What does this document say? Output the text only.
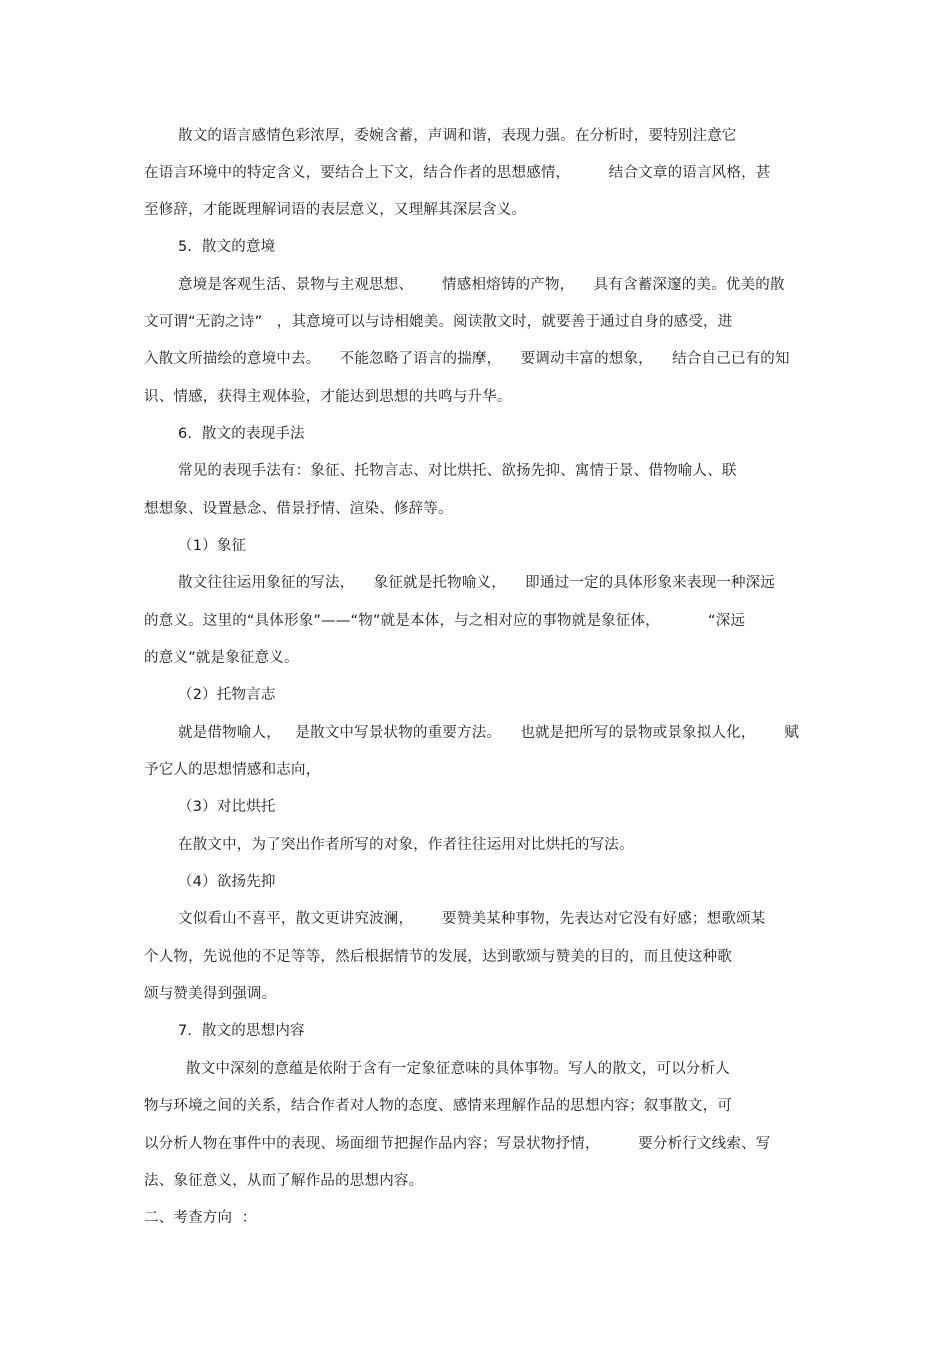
散文的语言感情色彩浓厚，委婉含蓄，声调和谐，表现力强。在分析时，要特别注意它
在语言环境中的特定含义，要结合上下文，结合作者的思想感情，        结合文章的语言风格，甚
至修辞，才能既理解词语的表层意义，又理解其深层含义。
5.  散文的意境
意境是客观生活、景物与主观思想、      情感相熔铸的产物，    具有含蓄深邃的美。优美的散
文可谓“无韵之诗”   ，其意境可以与诗相媲美。阅读散文时，就要善于通过自身的感受，进
入散文所描绘的意境中去。    不能忽略了语言的揣摩，    要调动丰富的想象，    结合自己已有的知
识、情感，获得主观体验，才能达到思想的共鸣与升华。
6.  散文的表现手法
常见的表现手法有：象征、托物言志、对比烘托、欲扬先抑、寓情于景、借物喻人、联
想想象、设置悬念、借景抒情、渲染、修辞等。
（1）象征
散文往往运用象征的写法，    象征就是托物喻义，    即通过一定的具体形象来表现一种深远
的意义。这里的“具体形象”——“物”就是本体，与之相对应的事物就是象征体，          “深远
的意义”就是象征意义。
（2）托物言志
就是借物喻人，   是散文中写景状物的重要方法。    也就是把所写的景物或景象拟人化，      赋
予它人的思想情感和志向，
（3）对比烘托
在散文中，为了突出作者所写的对象，作者往往运用对比烘托的写法。
（4）欲扬先抑
文似看山不喜平，散文更讲究波澜，      要赞美某种事物，先表达对它没有好感；想歌颂某
个人物，先说他的不足等等，然后根据情节的发展，达到歌颂与赞美的目的，而且使这种歌
颂与赞美得到强调。
7.  散文的思想内容
散文中深刻的意蕴是依附于含有一定象征意味的具体事物。写人的散文，可以分析人
物与环境之间的关系，结合作者对人物的态度、感情来理解作品的思想内容；叙事散文，可
以分析人物在事件中的表现、场面细节把握作品内容；写景状物抒情，        要分析行文线索、写
法、象征意义，从而了解作品的思想内容。
二、考查方向  ：
